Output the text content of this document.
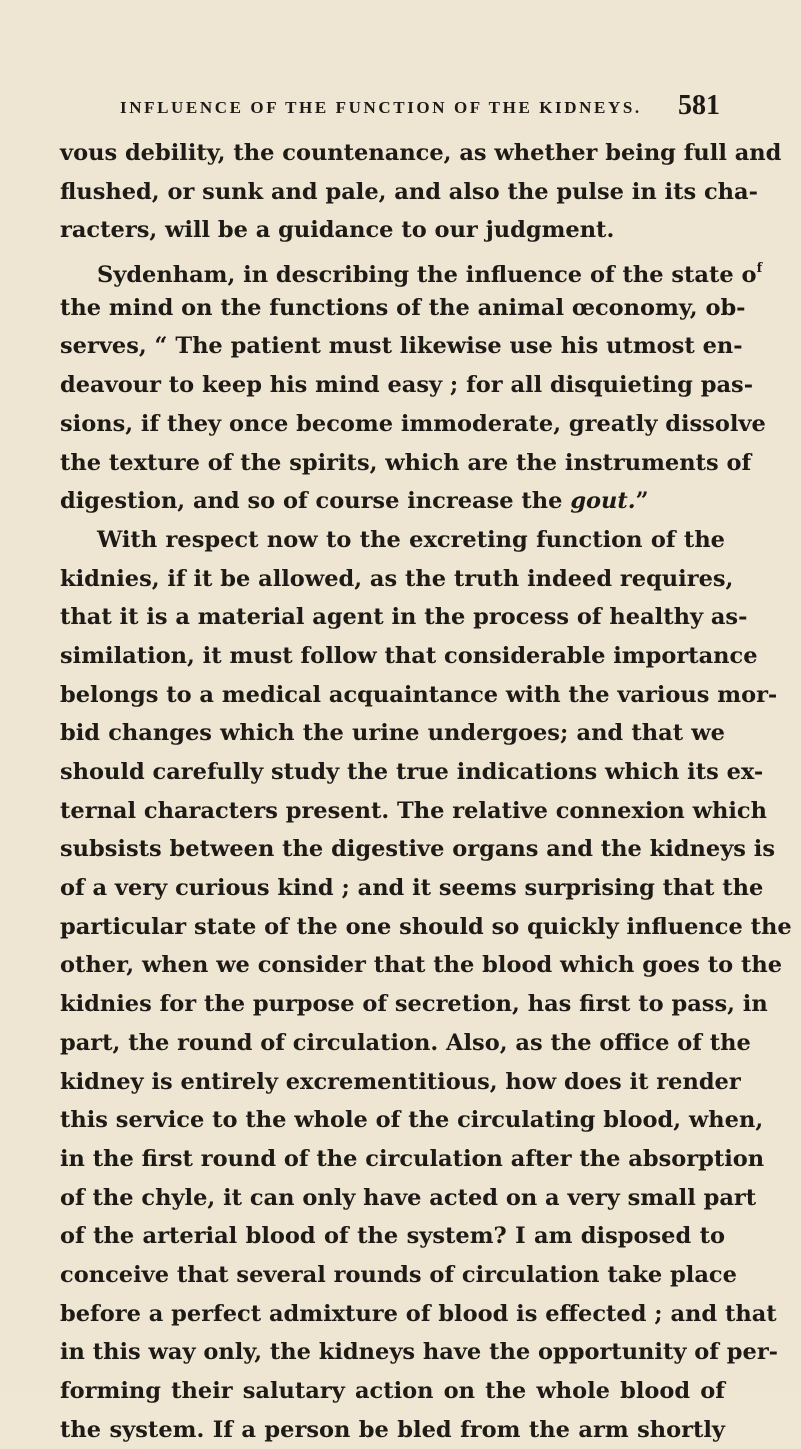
INFLUENCE OF THE FUNCTION OF THE KIDNEYS. 581
vous debility, the countenance, as whether being full and
flushed, or sunk and pale, and also the pulse in its cha-
racters, will be a guidance to our judgment.
Sydenham, in describing the influence of the state $o^f$
the mind on the functions of the animal œconomy, ob-
serves, “ The patient must likewise use his utmost en-
deavour to keep his mind easy ; for all disquieting pas-
sions, if they once become immoderate, greatly dissolve
the texture of the spirits, which are the instruments of
digestion, and so of course increase the gout.”
With respect now to the excreting function of the
kidnies, if it be allowed, as the truth indeed requires,
that it is a material agent in the process of healthy as-
similation, it must follow that considerable importance
belongs to a medical acquaintance with the various mor-
bid changes which the urine undergoes; and that we
should carefully study the true indications which its ex-
ternal characters present. The relative connexion which
subsists between the digestive organs and the kidneys is
of a very curious kind ; and it seems surprising that the
particular state of the one should so quickly influence the
other, when we consider that the blood which goes to the
kidnies for the purpose of secretion, has first to pass, in
part, the round of circulation. Also, as the office of the
kidney is entirely excrementitious, how does it render
this service to the whole of the circulating blood, when,
in the first round of the circulation after the absorption
of the chyle, it can only have acted on a very small part
of the arterial blood of the system? I am disposed to
conceive that several rounds of circulation take place
before a perfect admixture of blood is effected ; and that
in this way only, the kidneys have the opportunity of per-
forming their salutary action on the whole blood of
the system. If a person be bled from the arm shortly
